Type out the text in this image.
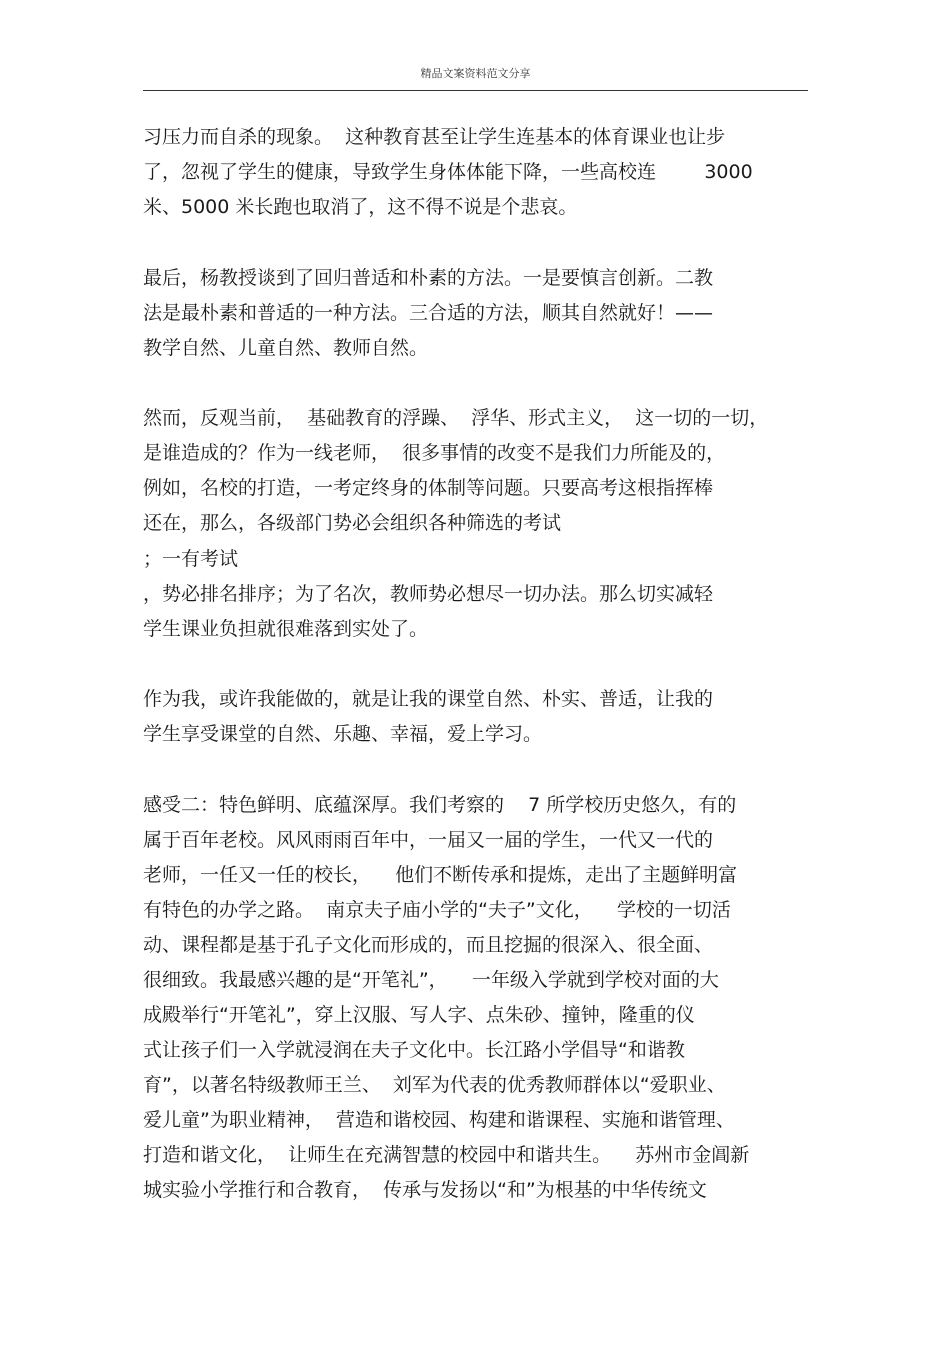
精品文案资料范文分享
习压力而自杀的现象。  这种教育甚至让学生连基本的体育课业也让步
了，忽视了学生的健康，导致学生身体体能下降，一些高校连        3000
米、5000 米长跑也取消了，这不得不说是个悲哀。
最后，杨教授谈到了回归普适和朴素的方法。一是要慎言创新。二教
法是最朴素和普适的一种方法。三合适的方法，顺其自然就好！——
教学自然、儿童自然、教师自然。
然而，反观当前，  基础教育的浮躁、  浮华、形式主义，  这一切的一切，
是谁造成的？作为一线老师，  很多事情的改变不是我们力所能及的，
例如，名校的打造，一考定终身的体制等问题。只要高考这根指挥棒
还在，那么，各级部门势必会组织各种筛选的考试
；一有考试
，势必排名排序；为了名次，教师势必想尽一切办法。那么切实减轻
学生课业负担就很难落到实处了。
作为我，或许我能做的，就是让我的课堂自然、朴实、普适，让我的
学生享受课堂的自然、乐趣、幸福，爱上学习。
感受二：特色鲜明、底蕴深厚。我们考察的    7 所学校历史悠久，有的
属于百年老校。风风雨雨百年中，一届又一届的学生，一代又一代的
老师，一任又一任的校长，    他们不断传承和提炼，走出了主题鲜明富
有特色的办学之路。  南京夫子庙小学的“夫子”文化，    学校的一切活
动、课程都是基于孔子文化而形成的，而且挖掘的很深入、很全面、
很细致。我最感兴趣的是“开笔礼”，    一年级入学就到学校对面的大
成殿举行“开笔礼”，穿上汉服、写人字、点朱砂、撞钟，隆重的仪
式让孩子们一入学就浸润在夫子文化中。长江路小学倡导“和谐教
育”，以著名特级教师王兰、  刘军为代表的优秀教师群体以“爱职业、
爱儿童”为职业精神，  营造和谐校园、构建和谐课程、实施和谐管理、
打造和谐文化，  让师生在充满智慧的校园中和谐共生。    苏州市金阊新
城实验小学推行和合教育，  传承与发扬以“和”为根基的中华传统文
